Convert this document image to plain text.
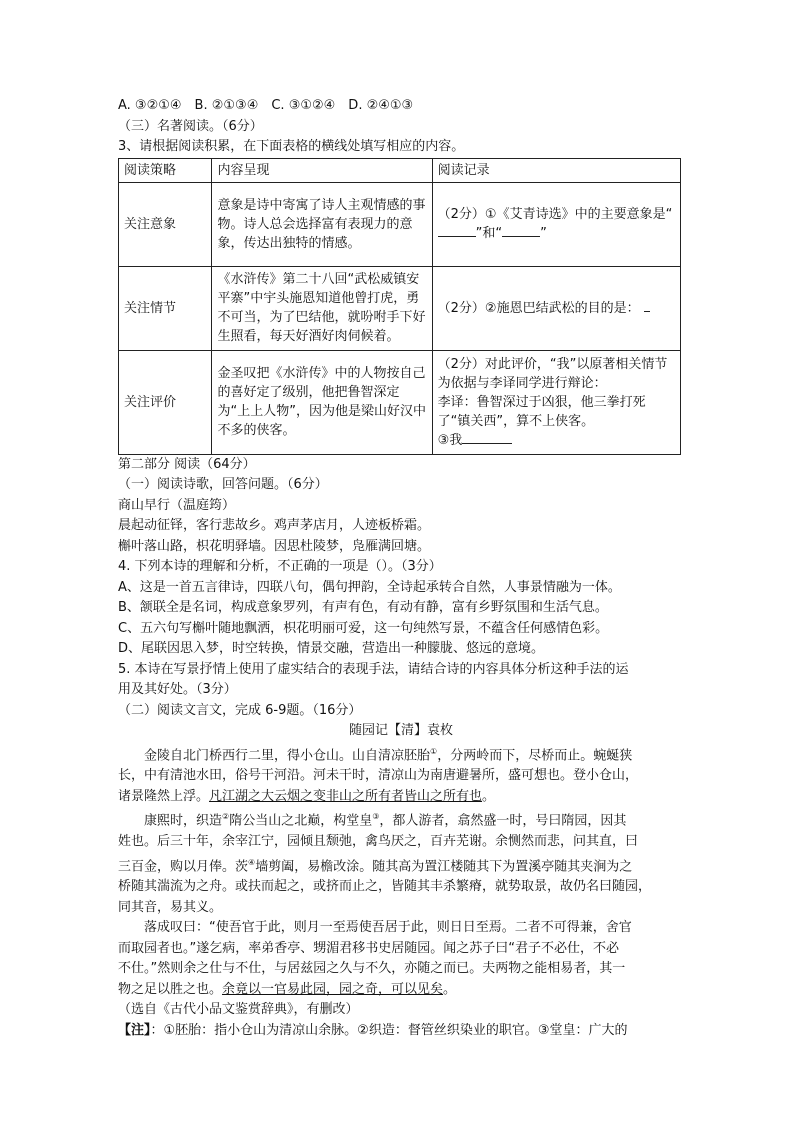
A. ③②①④　B. ②①③④　C. ③①②④　D. ②④①③
（三）名著阅读。（6分）
3、请根据阅读积累，在下面表格的横线处填写相应的内容。
阅读策略	内容呈现	阅读记录
关注意象	意象是诗中寄寓了诗人主观情感的事物。诗人总会选择富有表现力的意象，传达出独特的情感。	（2分）①《艾青诗选》中的主要意象是“”和“ ”
关注情节	《水浒传》第二十八回“武松威镇安平寨”中宇头施恩知道他曾打虎，勇不可当，为了巴结他，就吩咐手下好生照看，每天好酒好肉伺候着。	（2分）②施恩巴结武松的目的是：
关注评价	金圣叹把《水浒传》中的人物按自己的喜好定了级别，他把鲁智深定为“上上人物”，因为他是梁山好汉中不多的侠客。	（2分）对此评价，“我”以原著相关情节为依据与李译同学进行辩论：
李译：鲁智深过于凶狠，他三拳打死了“镇关西”，算不上侠客。
③我
第二部分 阅读（64分）
（一）阅读诗歌，回答问题。（6分）
商山早行（温庭筠）
晨起动征铎，客行悲故乡。鸡声茅店月，人迹板桥霜。
槲叶落山路，枳花明驿墙。因思杜陵梦，凫雁满回塘。
4. 下列本诗的理解和分析，不正确的一项是（）。（3分）
A、这是一首五言律诗，四联八句，偶句押韵，全诗起承转合自然，人事景情融为一体。
B、颔联全是名词，构成意象罗列，有声有色，有动有静，富有乡野氛围和生活气息。
C、五六句写槲叶随地飘洒，枳花明丽可爱，这一句纯然写景，不蕴含任何感情色彩。
D、尾联因思入梦，时空转换，情景交融，营造出一种朦胧、悠远的意境。
5. 本诗在写景抒情上使用了虚实结合的表现手法，请结合诗的内容具体分析这种手法的运
用及其好处。（3分）
（二）阅读文言文，完成 6-9题。（16分）
随园记【清】袁枚
金陵自北门桥西行二里，得小仓山。山自清凉胚胎①，分两岭而下，尽桥而止。蜿蜒狭
长，中有清池水田，俗号干河沿。河未干时，清凉山为南唐避暑所，盛可想也。登小仓山，
诸景隆然上浮。凡江湖之大云烟之变非山之所有者皆山之所有也。
康熙时，织造②隋公当山之北巅，构堂皇③，都人游者，翕然盛一时，号曰隋园，因其
姓也。后三十年，余宰江宁，园倾且颓弛，禽鸟厌之，百卉芜谢。余恻然而悲，问其直，曰
三百金，购以月俸。茨④墙剪阖，易檐改涂。随其高为置江楼随其下为置溪亭随其夹涧为之
桥随其湍流为之舟。或扶而起之，或挤而止之，皆随其丰杀繁瘠，就势取景，故仍名曰随园，
同其音，易其义。
落成叹曰：“使吾官于此，则月一至焉使吾居于此，则日日至焉。二者不可得兼，舍官
而取园者也。”遂乞病，率弟香亭、甥湄君移书史居随园。闻之苏子曰“君子不必仕，不必
不仕。”然则余之仕与不仕，与居兹园之久与不久，亦随之而已。夫两物之能相易者，其一
物之足以胜之也。余竟以一官易此园，园之奇，可以见矣。
（选自《古代小品文鉴赏辞典》，有删改）
【注】：①胚胎：指小仓山为清凉山余脉。②织造：督管丝织染业的职官。③堂皇：广大的
